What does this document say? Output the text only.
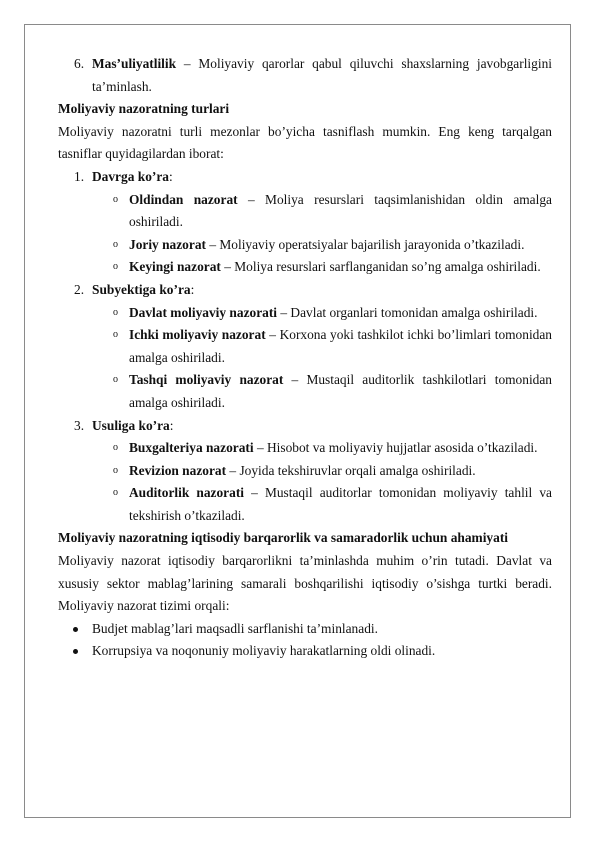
6. Mas’uliyatlilik – Moliyaviy qarorlar qabul qiluvchi shaxslarning javobgarligini ta’minlash.

Moliyaviy nazoratning turlari

Moliyaviy nazoratni turli mezonlar bo’yicha tasniflash mumkin. Eng keng tarqalgan tasniflar quyidagilardan iborat:

1. Davrga ko’ra:

o Oldindan nazorat – Moliya resurslari taqsimlanishidan oldin amalga oshiriladi.

o Joriy nazorat – Moliyaviy operatsiyalar bajarilish jarayonida o’tkaziladi.

o Keyingi nazorat – Moliya resurslari sarflanganidan so’ng amalga oshiriladi.

2. Subyektiga ko’ra:

o Davlat moliyaviy nazorati – Davlat organlari tomonidan amalga oshiriladi.

o Ichki moliyaviy nazorat – Korxona yoki tashkilot ichki bo’limlari tomonidan amalga oshiriladi.

o Tashqi moliyaviy nazorat – Mustaqil auditorlik tashkilotlari tomonidan amalga oshiriladi.

3. Usuliga ko’ra:

o Buxgalteriya nazorati – Hisobot va moliyaviy hujjatlar asosida o’tkaziladi.

o Revizion nazorat – Joyida tekshiruvlar orqali amalga oshiriladi.

o Auditorlik nazorati – Mustaqil auditorlar tomonidan moliyaviy tahlil va tekshirish o’tkaziladi.

Moliyaviy nazoratning iqtisodiy barqarorlik va samaradorlik uchun ahamiyati

Moliyaviy nazorat iqtisodiy barqarorlikni ta’minlashda muhim o’rin tutadi. Davlat va xususiy sektor mablag’larining samarali boshqarilishi iqtisodiy o’sishga turtki beradi. Moliyaviy nazorat tizimi orqali:

Budjet mablag’lari maqsadli sarflanishi ta’minlanadi.

Korrupsiya va noqonuniy moliyaviy harakatlarning oldi olinadi.
